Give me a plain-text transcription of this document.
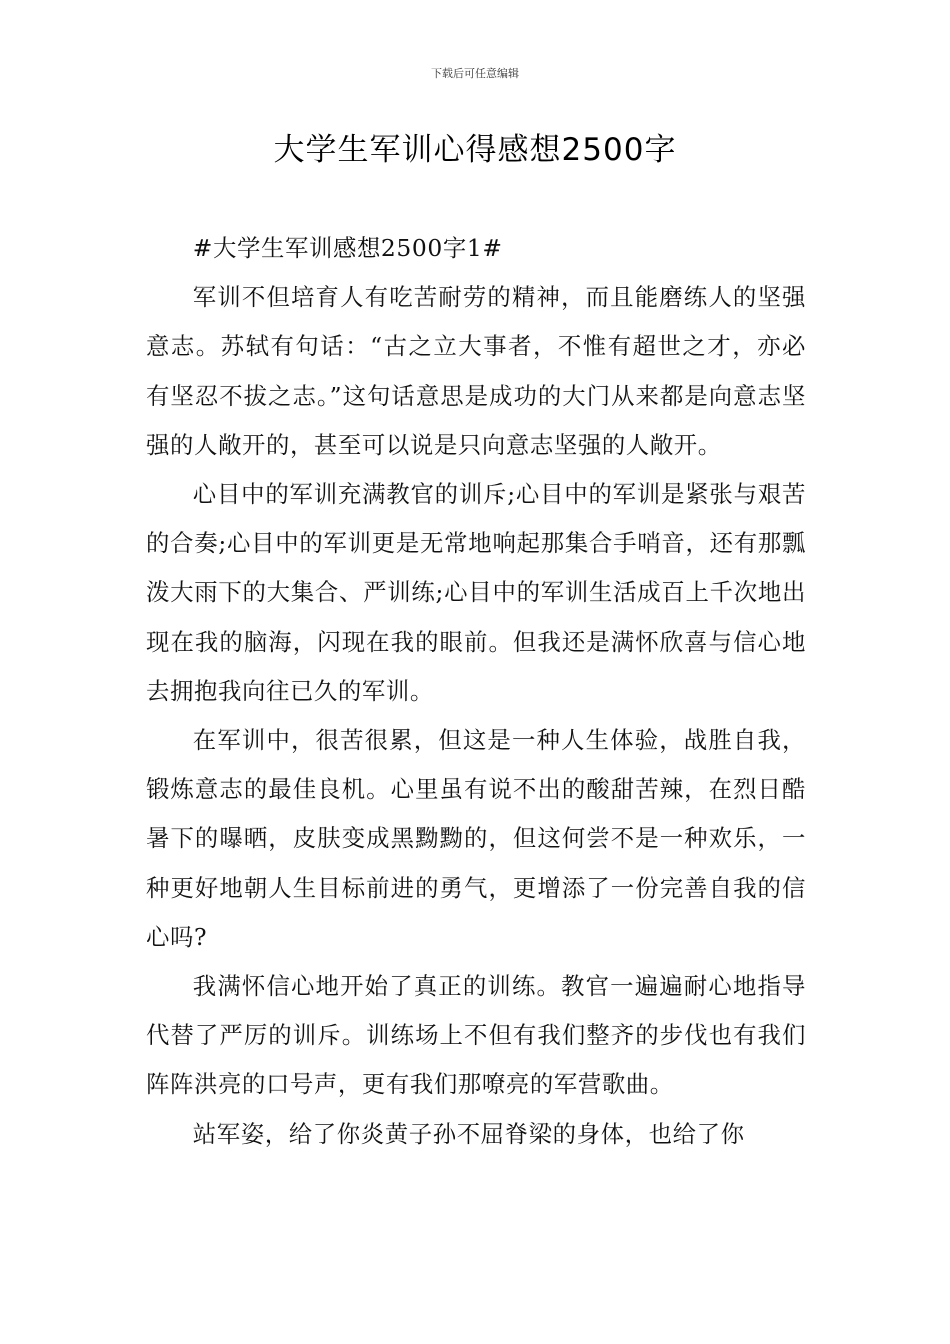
下载后可任意编辑
大学生军训心得感想2500字

#大学生军训感想2500字1#

军训不但培育人有吃苦耐劳的精神，而且能磨练人的坚强意志。苏轼有句话：“古之立大事者，不惟有超世之才，亦必有坚忍不拔之志。”这句话意思是成功的大门从来都是向意志坚强的人敞开的，甚至可以说是只向意志坚强的人敞开。

心目中的军训充满教官的训斥;心目中的军训是紧张与艰苦的合奏;心目中的军训更是无常地响起那集合手哨音，还有那瓢泼大雨下的大集合、严训练;心目中的军训生活成百上千次地出现在我的脑海，闪现在我的眼前。但我还是满怀欣喜与信心地去拥抱我向往已久的军训。

在军训中，很苦很累，但这是一种人生体验，战胜自我，锻炼意志的最佳良机。心里虽有说不出的酸甜苦辣，在烈日酷暑下的曝晒，皮肤变成黑黝黝的，但这何尝不是一种欢乐，一种更好地朝人生目标前进的勇气，更增添了一份完善自我的信心吗?

我满怀信心地开始了真正的训练。教官一遍遍耐心地指导代替了严厉的训斥。训练场上不但有我们整齐的步伐也有我们阵阵洪亮的口号声，更有我们那嘹亮的军营歌曲。

站军姿，给了你炎黄子孙不屈脊梁的身体，也给了你
